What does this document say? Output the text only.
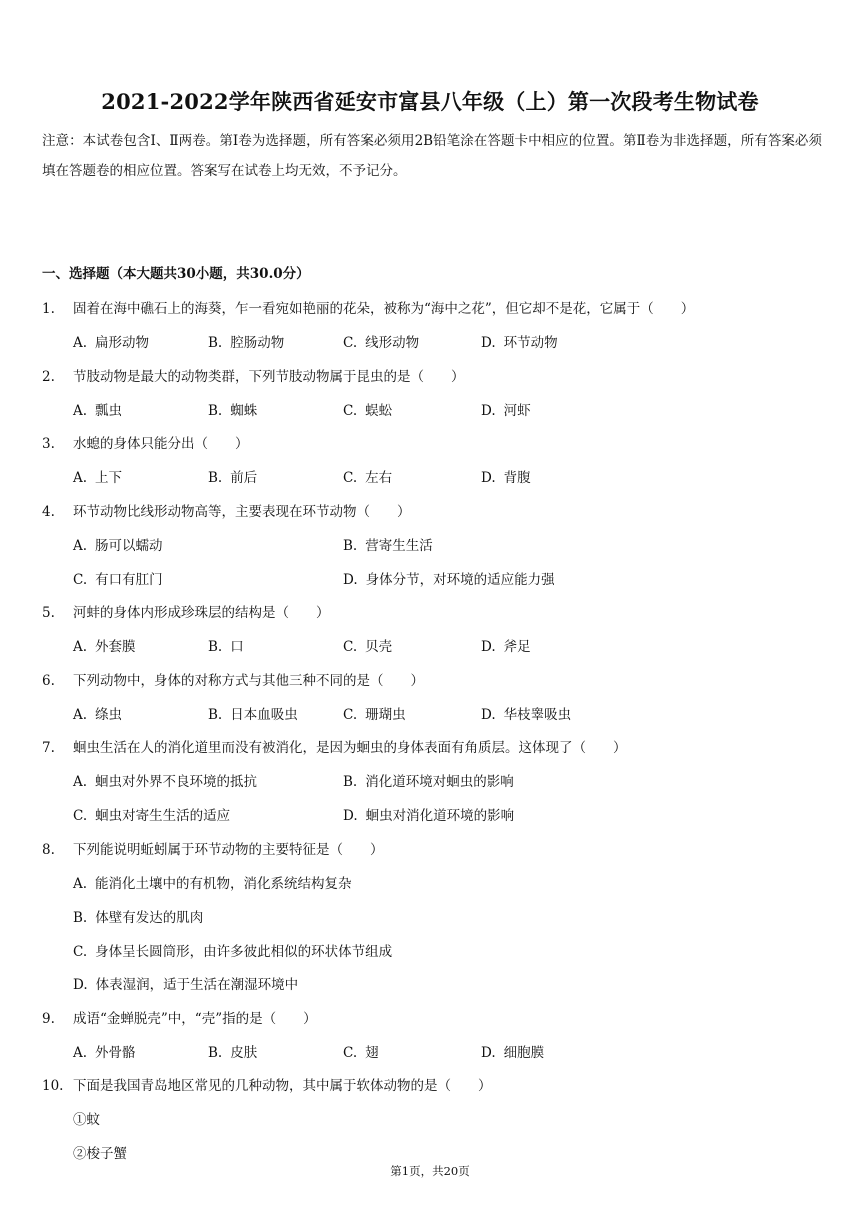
2021-2022学年陕西省延安市富县八年级（上）第一次段考生物试卷
注意：本试卷包含Ⅰ、Ⅱ两卷。第Ⅰ卷为选择题，所有答案必须用2B铅笔涂在答题卡中相应的位置。第Ⅱ卷为非选择题，所有答案必须填在答题卷的相应位置。答案写在试卷上均无效，不予记分。
一、选择题（本大题共30小题，共30.0分）
1. 固着在海中礁石上的海葵，乍一看宛如艳丽的花朵，被称为“海中之花”，但它却不是花，它属于（　　）
A. 扁形动物	B. 腔肠动物	C. 线形动物	D. 环节动物
2. 节肢动物是最大的动物类群，下列节肢动物属于昆虫的是（　　）
A. 瓢虫	B. 蜘蛛	C. 蜈蚣	D. 河虾
3. 水螅的身体只能分出（　　）
A. 上下	B. 前后	C. 左右	D. 背腹
4. 环节动物比线形动物高等，主要表现在环节动物（　　）
A. 肠可以蠕动	B. 营寄生生活
C. 有口有肛门	D. 身体分节，对环境的适应能力强
5. 河蚌的身体内形成珍珠层的结构是（　　）
A. 外套膜	B. 口	C. 贝壳	D. 斧足
6. 下列动物中，身体的对称方式与其他三种不同的是（　　）
A. 绦虫	B. 日本血吸虫	C. 珊瑚虫	D. 华枝睾吸虫
7. 蛔虫生活在人的消化道里而没有被消化，是因为蛔虫的身体表面有角质层。这体现了（　　）
A. 蛔虫对外界不良环境的抵抗	B. 消化道环境对蛔虫的影响
C. 蛔虫对寄生生活的适应	D. 蛔虫对消化道环境的影响
8. 下列能说明蚯蚓属于环节动物的主要特征是（　　）
A. 能消化土壤中的有机物，消化系统结构复杂
B. 体壁有发达的肌肉
C. 身体呈长圆筒形，由许多彼此相似的环状体节组成
D. 体表湿润，适于生活在潮湿环境中
9. 成语“金蝉脱壳”中，“壳”指的是（　　）
A. 外骨骼	B. 皮肤	C. 翅	D. 细胞膜
10. 下面是我国青岛地区常见的几种动物，其中属于软体动物的是（　　）
①蚊
②梭子蟹
第1页，共20页
